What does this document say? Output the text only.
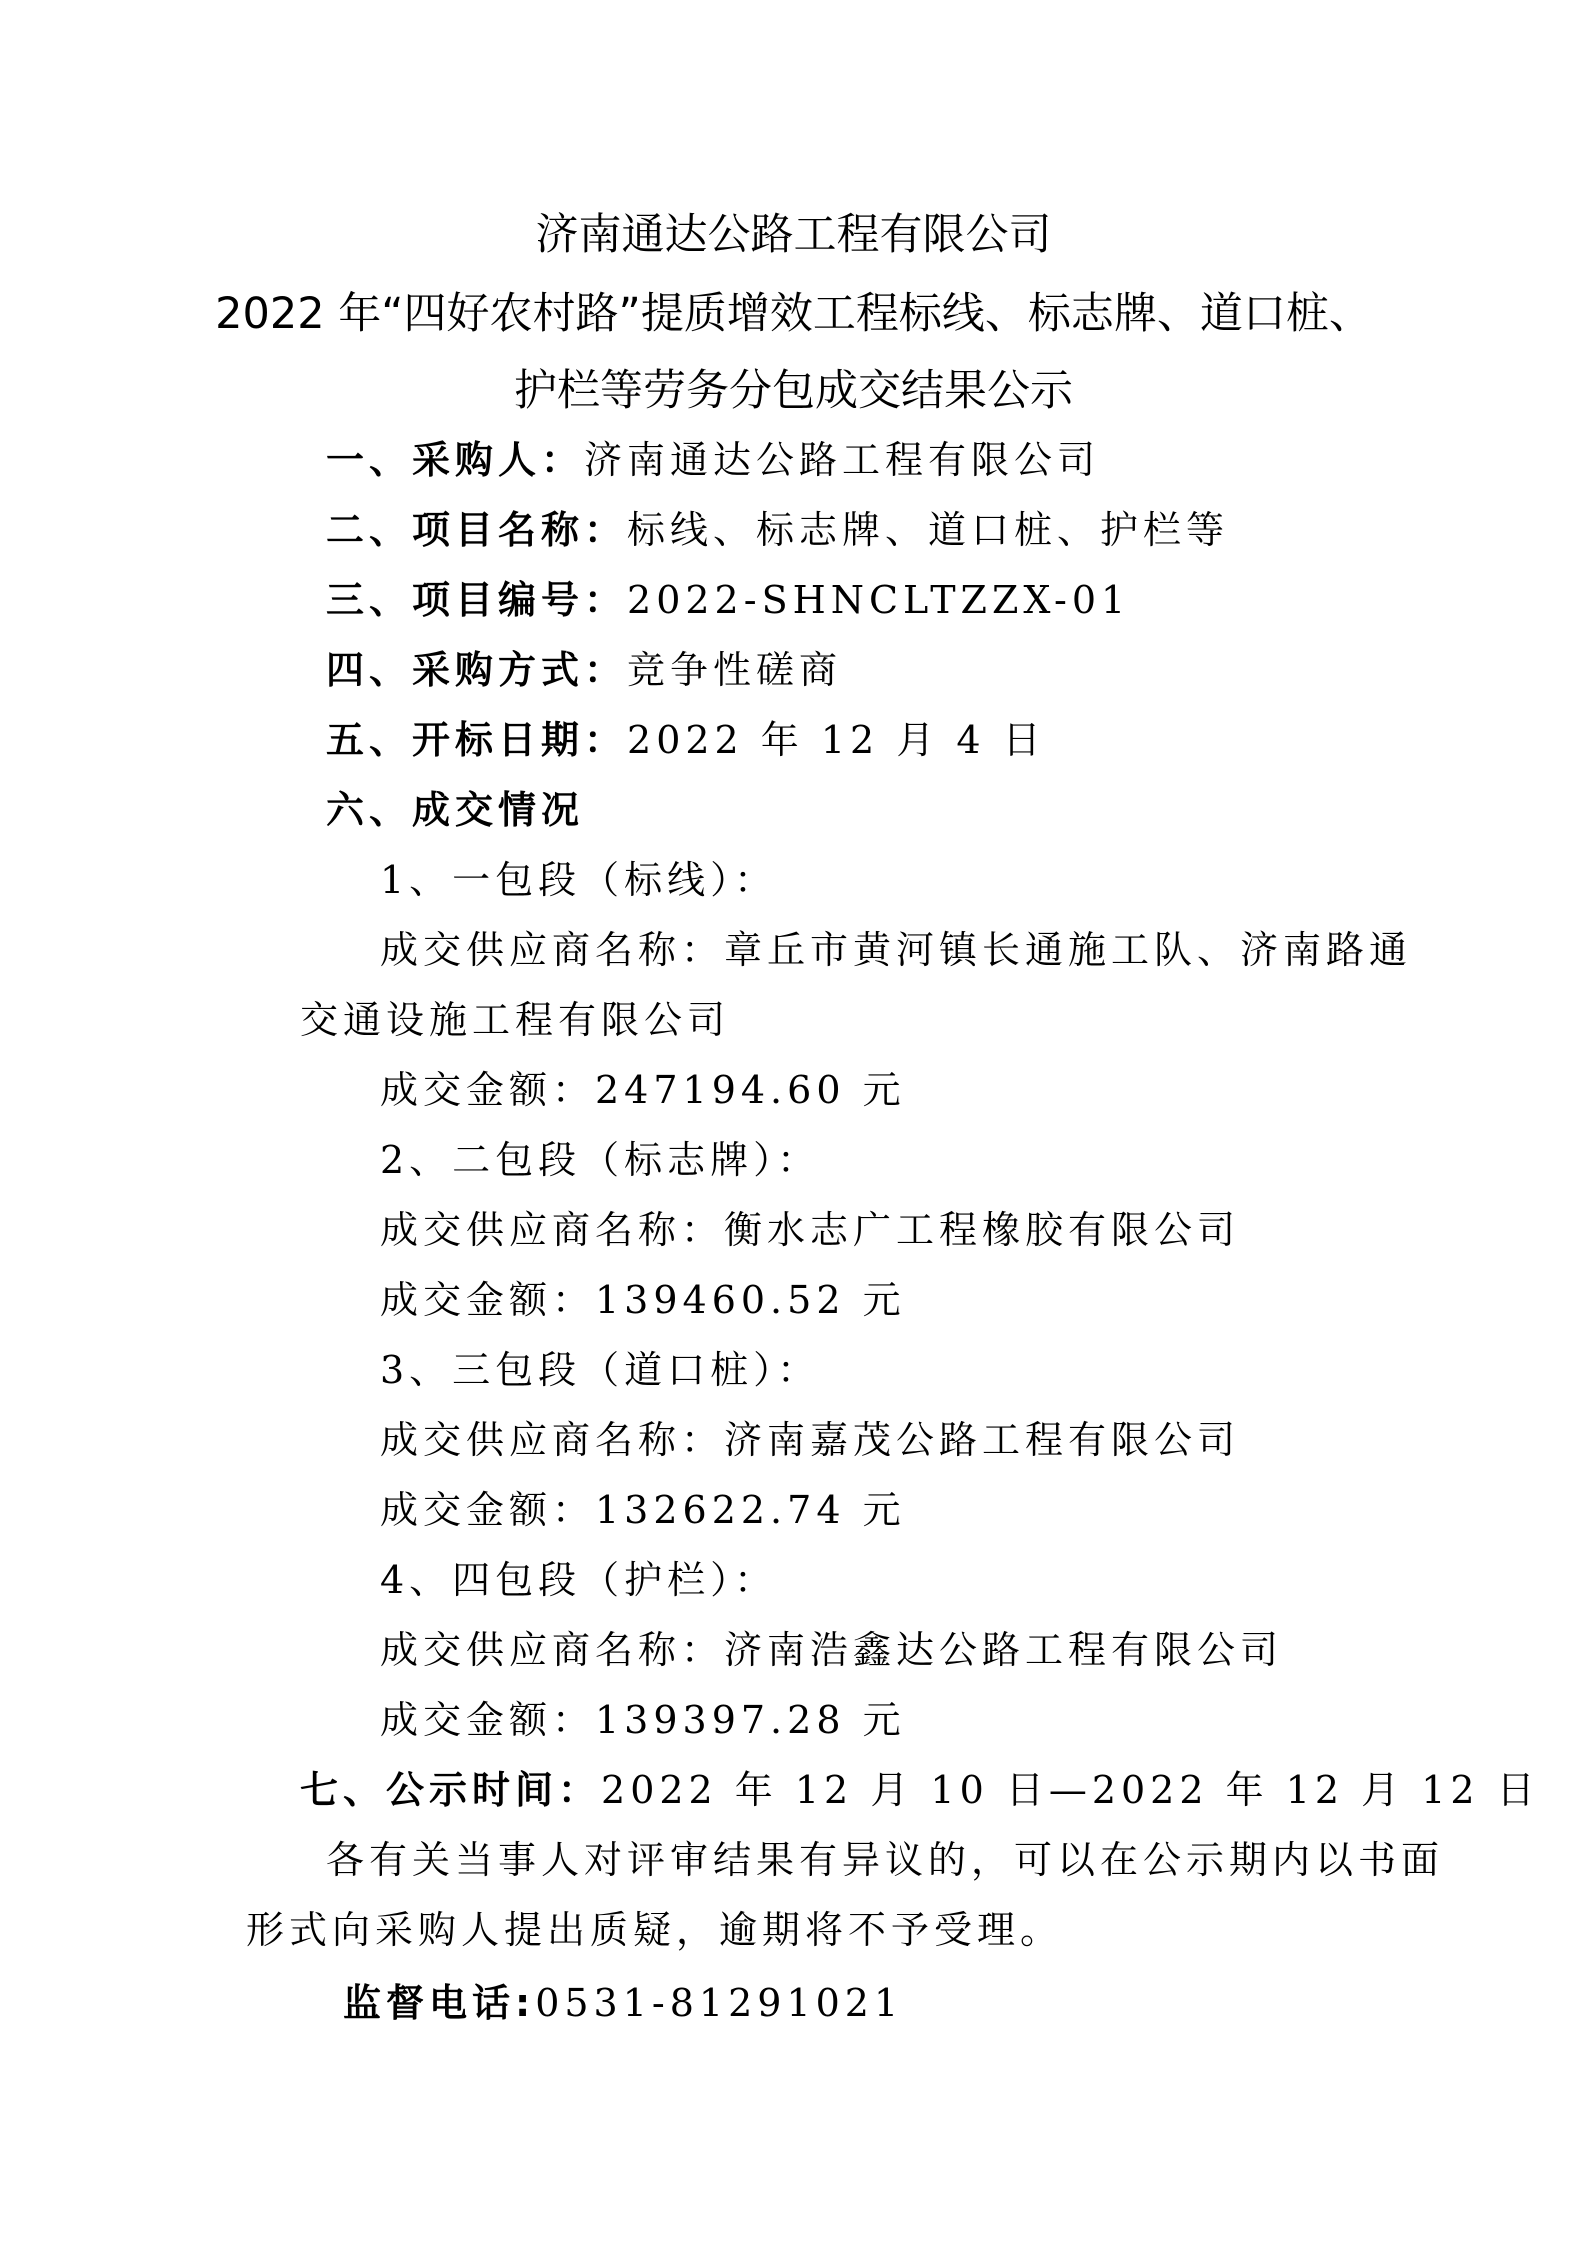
济南通达公路工程有限公司
2022 年“四好农村路”提质增效工程标线、标志牌、道口桩、
护栏等劳务分包成交结果公示
一、采购人：济南通达公路工程有限公司
二、项目名称：标线、标志牌、道口桩、护栏等
三、项目编号：2022-SHNCLTZZX-01
四、采购方式：竞争性磋商
五、开标日期：2022 年 12 月 4 日
六、成交情况
1、一包段（标线）：
成交供应商名称：章丘市黄河镇长通施工队、济南路通
交通设施工程有限公司
成交金额：247194.60 元
2、二包段（标志牌）：
成交供应商名称：衡水志广工程橡胶有限公司
成交金额：139460.52 元
3、三包段（道口桩）：
成交供应商名称：济南嘉茂公路工程有限公司
成交金额：132622.74 元
4、四包段（护栏）：
成交供应商名称：济南浩鑫达公路工程有限公司
成交金额：139397.28 元
七、公示时间：2022 年 12 月 10 日—2022 年 12 月 12 日
各有关当事人对评审结果有异议的，可以在公示期内以书面
形式向采购人提出质疑，逾期将不予受理。
监督电话:0531-81291021
